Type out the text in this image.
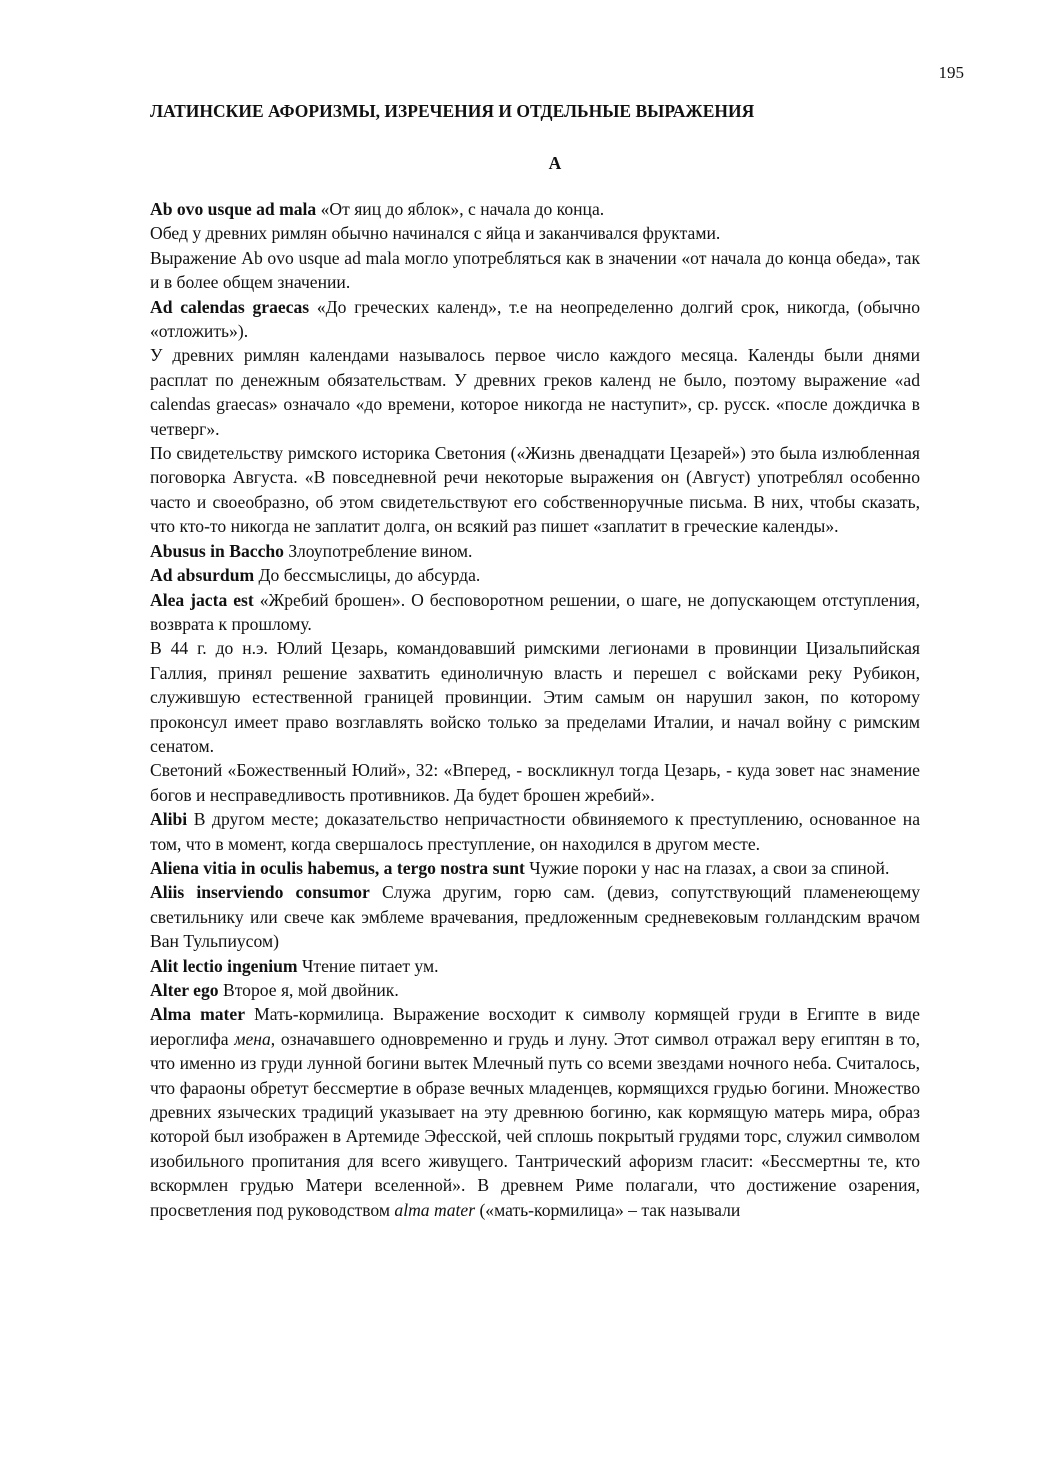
195
ЛАТИНСКИЕ АФОРИЗМЫ, ИЗРЕЧЕНИЯ И ОТДЕЛЬНЫЕ ВЫРАЖЕНИЯ
А

Ab ovo usque ad mala «От яиц до яблок», с начала до конца.

Обед у древних римлян обычно начинался с яйца и заканчивался фруктами.

Выражение Ab ovo usque ad mala могло употребляться как в значении «от начала до конца обеда», так и в более общем значении.

Ad calendas graecas «До греческих календ», т.е на неопределенно долгий срок, никогда, (обычно «отложить»).

У древних римлян календами называлось первое число каждого месяца. Календы были днями расплат по денежным обязательствам. У древних греков календ не было, поэтому выражение «ad calendas graecas» означало «до времени, которое никогда не наступит», ср. русск. «после дождичка в четверг».

По свидетельству римского историка Светония («Жизнь двенадцати Цезарей») это была излюбленная поговорка Августа. «В повседневной речи некоторые выражения он (Август) употреблял особенно часто и своеобразно, об этом свидетельствуют его собственноручные письма. В них, чтобы сказать, что кто-то никогда не заплатит долга, он всякий раз пишет «заплатит в греческие календы».

Abusus in Baccho Злоупотребление вином.

Ad absurdum До бессмыслицы, до абсурда.

Alea jacta est «Жребий брошен». О бесповоротном решении, о шаге, не допускающем отступления, возврата к прошлому.

В 44 г. до н.э. Юлий Цезарь, командовавший римскими легионами в провинции Цизальпийская Галлия, принял решение захватить единоличную власть и перешел с войсками реку Рубикон, служившую естественной границей провинции. Этим самым он нарушил закон, по которому проконсул имеет право возглавлять войско только за пределами Италии, и начал войну с римским сенатом.

Светоний «Божественный Юлий», 32: «Вперед, - воскликнул тогда Цезарь, - куда зовет нас знамение богов и несправедливость противников. Да будет брошен жребий».

Alibi В другом месте; доказательство непричастности обвиняемого к преступлению, основанное на том, что в момент, когда свершалось преступление, он находился в другом месте.

Aliena vitia in oculis habemus, a tergo nostra sunt Чужие пороки у нас на глазах, а свои за спиной.

Aliis inserviendo consumor Служа другим, горю сам. (девиз, сопутствующий пламенеющему светильнику или свече как эмблеме врачевания, предложенным средневековым голландским врачом Ван Тульпиусом)

Alit lectio ingenium Чтение питает ум.

Alter ego Второе я, мой двойник.

Alma mater Мать-кормилица. Выражение восходит к символу кормящей груди в Египте в виде иероглифа мена, означавшего одновременно и грудь и луну. Этот символ отражал веру египтян в то, что именно из груди лунной богини вытек Млечный путь со всеми звездами ночного неба. Считалось, что фараоны обретут бессмертие в образе вечных младенцев, кормящихся грудью богини. Множество древних языческих традиций указывает на эту древнюю богиню, как кормящую матерь мира, образ которой был изображен в Артемиде Эфесской, чей сплошь покрытый грудями торс, служил символом изобильного пропитания для всего живущего. Тантрический афоризм гласит: «Бессмертны те, кто вскормлен грудью Матери вселенной». В древнем Риме полагали, что достижение озарения, просветления под руководством alma mater («мать-кормилица» – так называли
